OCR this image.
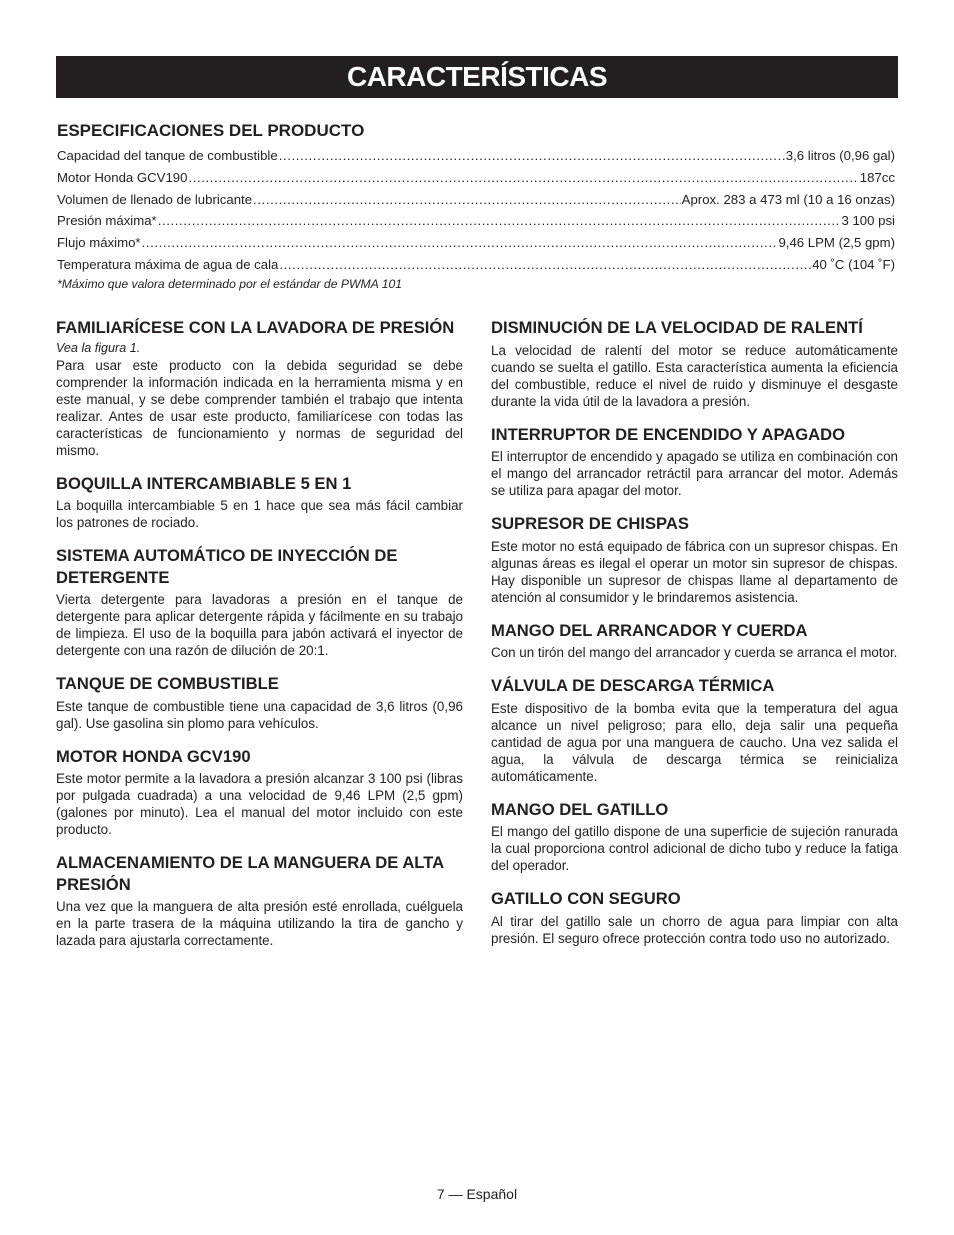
CARACTERÍSTICAS
ESPECIFICACIONES DEL PRODUCTO
Capacidad del tanque de combustible .....	3,6 litros (0,96 gal)
Motor Honda GCV190 .....	187cc
Volumen de llenado de lubricante .....	Aprox. 283 a 473 ml (10 a 16 onzas)
Presión máxima* .....	3 100 psi
Flujo máximo* .....	9,46 LPM (2,5 gpm)
Temperatura máxima de agua de cala .....	40 ˚C (104 ˚F)
*Máximo que valora determinado por el estándar de PWMA 101
FAMILIARÍCESE CON LA LAVADORA DE PRESIÓN
Vea la figura 1.

Para usar este producto con la debida seguridad se debe comprender la información indicada en la herramienta misma y en este manual, y se debe comprender también el trabajo que intenta realizar. Antes de usar este producto, familiarícese con todas las características de funcionamiento y normas de seguridad del mismo.

BOQUILLA INTERCAMBIABLE 5 EN 1

La boquilla intercambiable 5 en 1 hace que sea más fácil cambiar los patrones de rociado.

SISTEMA AUTOMÁTICO DE INYECCIÓN DE DETERGENTE

Vierta detergente para lavadoras a presión en el tanque de detergente para aplicar detergente rápida y fácilmente en su trabajo de limpieza. El uso de la boquilla para jabón activará el inyector de detergente con una razón de dilución de 20:1.

TANQUE DE COMBUSTIBLE

Este tanque de combustible tiene una capacidad de 3,6 litros (0,96 gal). Use gasolina sin plomo para vehículos.

MOTOR HONDA GCV190

Este motor permite a la lavadora a presión alcanzar 3 100 psi (libras por pulgada cuadrada) a una velocidad de 9,46 LPM (2,5 gpm) (galones por minuto). Lea el manual del motor incluido con este producto.

ALMACENAMIENTO DE LA MANGUERA DE ALTA PRESIÓN

Una vez que la manguera de alta presión esté enrollada, cuélguela en la parte trasera de la máquina utilizando la tira de gancho y lazada para ajustarla correctamente.

DISMINUCIÓN DE LA VELOCIDAD DE RALENTÍ

La velocidad de ralentí del motor se reduce automáticamente cuando se suelta el gatillo. Esta característica aumenta la eficiencia del combustible, reduce el nivel de ruido y disminuye el desgaste durante la vida útil de la lavadora a presión.

INTERRUPTOR DE ENCENDIDO Y APAGADO

El interruptor de encendido y apagado se utiliza en combinación con el mango del arrancador retráctil para arrancar del motor. Además se utiliza para apagar del motor.

SUPRESOR DE CHISPAS

Este motor no está equipado de fábrica con un supresor chispas. En algunas áreas es ilegal el operar un motor sin supresor de chispas. Hay disponible un supresor de chispas llame al departamento de atención al consumidor y le brindaremos asistencia.

MANGO DEL ARRANCADOR Y CUERDA

Con un tirón del mango del arrancador y cuerda se arranca el motor.

VÁLVULA DE DESCARGA TÉRMICA

Este dispositivo de la bomba evita que la temperatura del agua alcance un nivel peligroso; para ello, deja salir una pequeña cantidad de agua por una manguera de caucho. Una vez salida el agua, la válvula de descarga térmica se reinicializa automáticamente.

MANGO DEL GATILLO

El mango del gatillo dispone de una superficie de sujeción ranurada la cual proporciona control adicional de dicho tubo y reduce la fatiga del operador.

GATILLO CON SEGURO

Al tirar del gatillo sale un chorro de agua para limpiar con alta presión. El seguro ofrece protección contra todo uso no autorizado.

7 — Español
